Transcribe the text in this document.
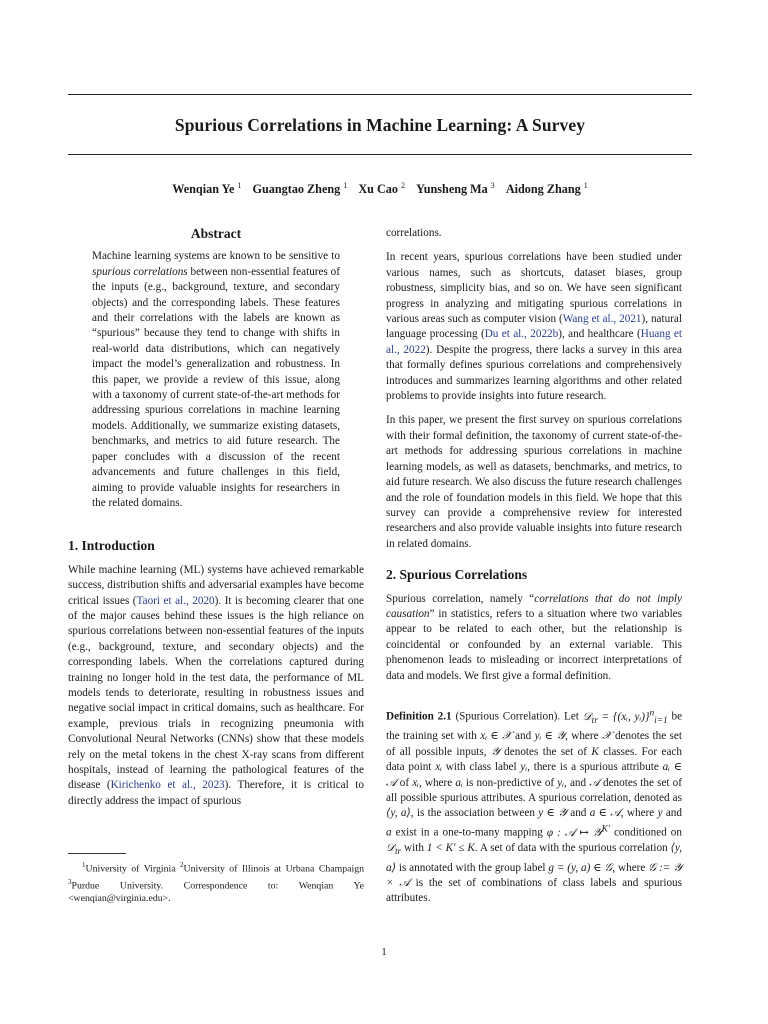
Spurious Correlations in Machine Learning: A Survey
Wenqian Ye $^1$ Guangtao Zheng $^1$ Xu Cao $^2$ Yunsheng Ma $^3$ Aidong Zhang $^1$
Abstract

Machine learning systems are known to be sensitive to spurious correlations between non-essential features of the inputs (e.g., background, texture, and secondary objects) and the corresponding labels. These features and their correlations with the labels are known as “spurious” because they tend to change with shifts in real-world data distributions, which can negatively impact the model’s generalization and robustness. In this paper, we provide a review of this issue, along with a taxonomy of current state-of-the-art methods for addressing spurious correlations in machine learning models. Additionally, we summarize existing datasets, benchmarks, and metrics to aid future research. The paper concludes with a discussion of the recent advancements and future challenges in this field, aiming to provide valuable insights for researchers in the related domains.

1. Introduction

While machine learning (ML) systems have achieved remarkable success, distribution shifts and adversarial examples have become critical issues (Taori et al., 2020). It is becoming clearer that one of the major causes behind these issues is the high reliance on spurious correlations between non-essential features of the inputs (e.g., background, texture, and secondary objects) and the corresponding labels. When the correlations captured during training no longer hold in the test data, the performance of ML models tends to deteriorate, resulting in robustness issues and negative social impact in critical domains, such as healthcare. For example, previous trials in recognizing pneumonia with Convolutional Neural Networks (CNNs) show that these models rely on the metal tokens in the chest X-ray scans from different hospitals, instead of learning the pathological features of the disease (Kirichenko et al., 2023). Therefore, it is critical to directly address the impact of spurious

$^1$University of Virginia $^2$University of Illinois at Urbana Champaign $^3$Purdue University. Correspondence to: Wenqian Ye <wenqian@virginia.edu>.

correlations.

In recent years, spurious correlations have been studied under various names, such as shortcuts, dataset biases, group robustness, simplicity bias, and so on. We have seen significant progress in analyzing and mitigating spurious correlations in various areas such as computer vision (Wang et al., 2021), natural language processing (Du et al., 2022b), and healthcare (Huang et al., 2022). Despite the progress, there lacks a survey in this area that formally defines spurious correlations and comprehensively introduces and summarizes learning algorithms and other related problems to provide insights into future research.

In this paper, we present the first survey on spurious correlations with their formal definition, the taxonomy of current state-of-the-art methods for addressing spurious correlations in machine learning models, as well as datasets, benchmarks, and metrics, to aid future research. We also discuss the future research challenges and the role of foundation models in this field. We hope that this survey can provide a comprehensive review for interested researchers and also provide valuable insights into future research in related domains.

2. Spurious Correlations

Spurious correlation, namely “correlations that do not imply causation” in statistics, refers to a situation where two variables appear to be related to each other, but the relationship is coincidental or confounded by an external variable. This phenomenon leads to misleading or incorrect interpretations of data and models. We first give a formal definition.

Definition 2.1 (Spurious Correlation). Let 𝒟$_{tr}$ = {(xᵢ, yᵢ)}$^n_{i=1}$ be the training set with xᵢ ∈ 𝒳 and yᵢ ∈ 𝒴, where 𝒳 denotes the set of all possible inputs, 𝒴 denotes the set of K classes. For each data point xᵢ with class label yᵢ, there is a spurious attribute aᵢ ∈ 𝒜 of xᵢ, where aᵢ is non-predictive of yᵢ, and 𝒜 denotes the set of all possible spurious attributes. A spurious correlation, denoted as ⟨y, a⟩, is the association between y ∈ 𝒴 and a ∈ 𝒜, where y and a exist in a one-to-many mapping φ : 𝒜 ↦ 𝒴$^{K'}$ conditioned on 𝒟$_{tr}$ with 1 < K′ ≤ K. A set of data with the spurious correlation ⟨y, a⟩ is annotated with the group label g = (y, a) ∈ 𝒢, where 𝒢 := 𝒴 × 𝒜 is the set of combinations of class labels and spurious attributes.

1
